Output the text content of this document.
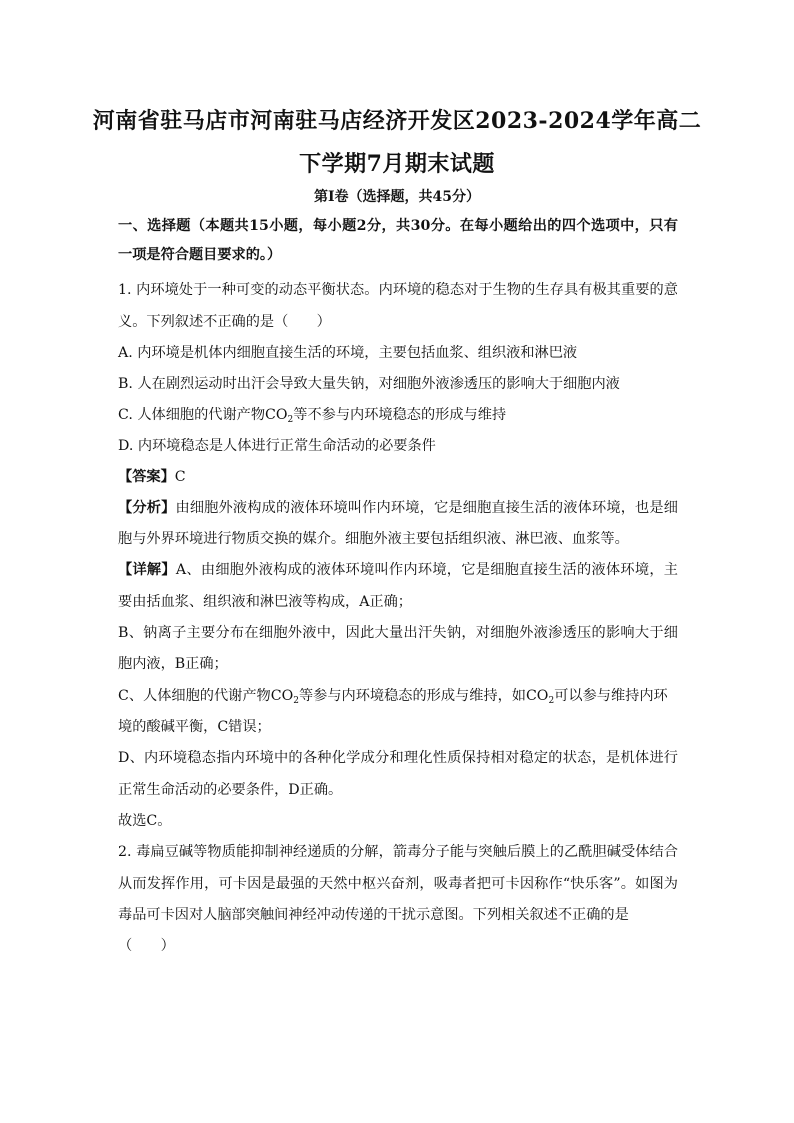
河南省驻马店市河南驻马店经济开发区2023-2024学年高二
下学期7月期末试题
第Ⅰ卷（选择题，共45分）
一、选择题（本题共15小题，每小题2分，共30分。在每小题给出的四个选项中，只有
一项是符合题目要求的。）
1. 内环境处于一种可变的动态平衡状态。内环境的稳态对于生物的生存具有极其重要的意
义。下列叙述不正确的是（　　）
A. 内环境是机体内细胞直接生活的环境，主要包括血浆、组织液和淋巴液
B. 人在剧烈运动时出汗会导致大量失钠，对细胞外液渗透压的影响大于细胞内液
C. 人体细胞的代谢产物$CO_2$等不参与内环境稳态的形成与维持
D. 内环境稳态是人体进行正常生命活动的必要条件
【答案】C
【分析】由细胞外液构成的液体环境叫作内环境，它是细胞直接生活的液体环境，也是细
胞与外界环境进行物质交换的媒介。细胞外液主要包括组织液、淋巴液、血浆等。
【详解】A、由细胞外液构成的液体环境叫作内环境，它是细胞直接生活的液体环境，主
要由括血浆、组织液和淋巴液等构成，A正确；
B、钠离子主要分布在细胞外液中，因此大量出汗失钠，对细胞外液渗透压的影响大于细
胞内液，B正确；
C、人体细胞的代谢产物$CO_2$等参与内环境稳态的形成与维持，如$CO_2$可以参与维持内环
境的酸碱平衡，C错误；
D、内环境稳态指内环境中的各种化学成分和理化性质保持相对稳定的状态，是机体进行
正常生命活动的必要条件，D正确。
故选C。
2. 毒扁豆碱等物质能抑制神经递质的分解，箭毒分子能与突触后膜上的乙酰胆碱受体结合
从而发挥作用，可卡因是最强的天然中枢兴奋剂，吸毒者把可卡因称作“快乐客”。如图为
毒品可卡因对人脑部突触间神经冲动传递的干扰示意图。下列相关叙述不正确的是
（　　）
